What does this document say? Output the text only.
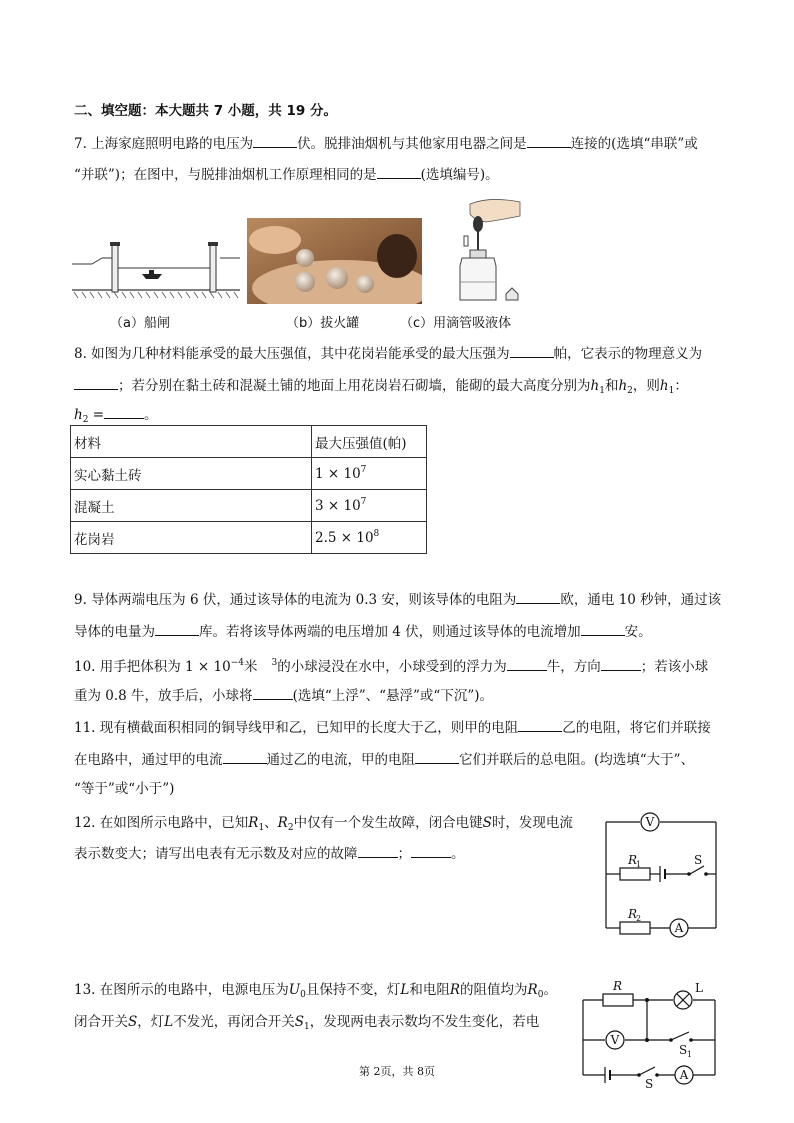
二、填空题：本大题共 7 小题，共 19 分。
7. 上海家庭照明电路的电压为	伏。脱排油烟机与其他家用电器之间是	连接的(选填“串联”或
“并联”)；在图中，与脱排油烟机工作原理相同的是	(选填编号)。
（a）船闸	（b）拔火罐	（c）用滴管吸液体
8. 如图为几种材料能承受的最大压强值，其中花岗岩能承受的最大压强为	帕，它表示的物理意义为
；若分别在黏土砖和混凝土铺的地面上用花岗岩石砌墙，能砌的最大高度分别为$h_1$和$h_2$，则$h_1$：
$h_2$ =	。
材料	最大压强值(帕)
实心黏土砖	$1 \times 10^7$
混凝土	$3 \times 10^7$
花岗岩	$2.5 \times 10^8$
9. 导体两端电压为 6 伏，通过该导体的电流为 0.3 安，则该导体的电阻为	欧，通电 10 秒钟，通过该
导体的电量为	库。若将该导体两端的电压增加 4 伏，则通过该导体的电流增加	安。
10. 用手把体积为 $1 \times 10^{-4}$米 $^3$的小球浸没在水中，小球受到的浮力为	牛，方向	；若该小球
重为 0.8 牛，放手后，小球将	(选填“上浮”、“悬浮”或“下沉”)。
11. 现有横截面积相同的铜导线甲和乙，已知甲的长度大于乙，则甲的电阻	乙的电阻，将它们并联接
在电路中，通过甲的电流	通过乙的电流，甲的电阻	它们并联后的总电阻。(均选填“大于”、
“等于”或“小于”)
12. 在如图所示电路中，已知$R_1$、$R_2$中仅有一个发生故障，闭合电键S时，发现电流
表示数变大；请写出电表有无示数及对应的故障	；	。
V
A
S
R
1
R
2
13. 在图所示的电路中，电源电压为$U_0$且保持不变，灯L和电阻R的阻值均为$R_0$。
闭合开关S，灯L不发光，再闭合开关$S_1$，发现两电表示数均不发生变化，若电
R	L
V
A
S
S 1
第 2页，共 8页
